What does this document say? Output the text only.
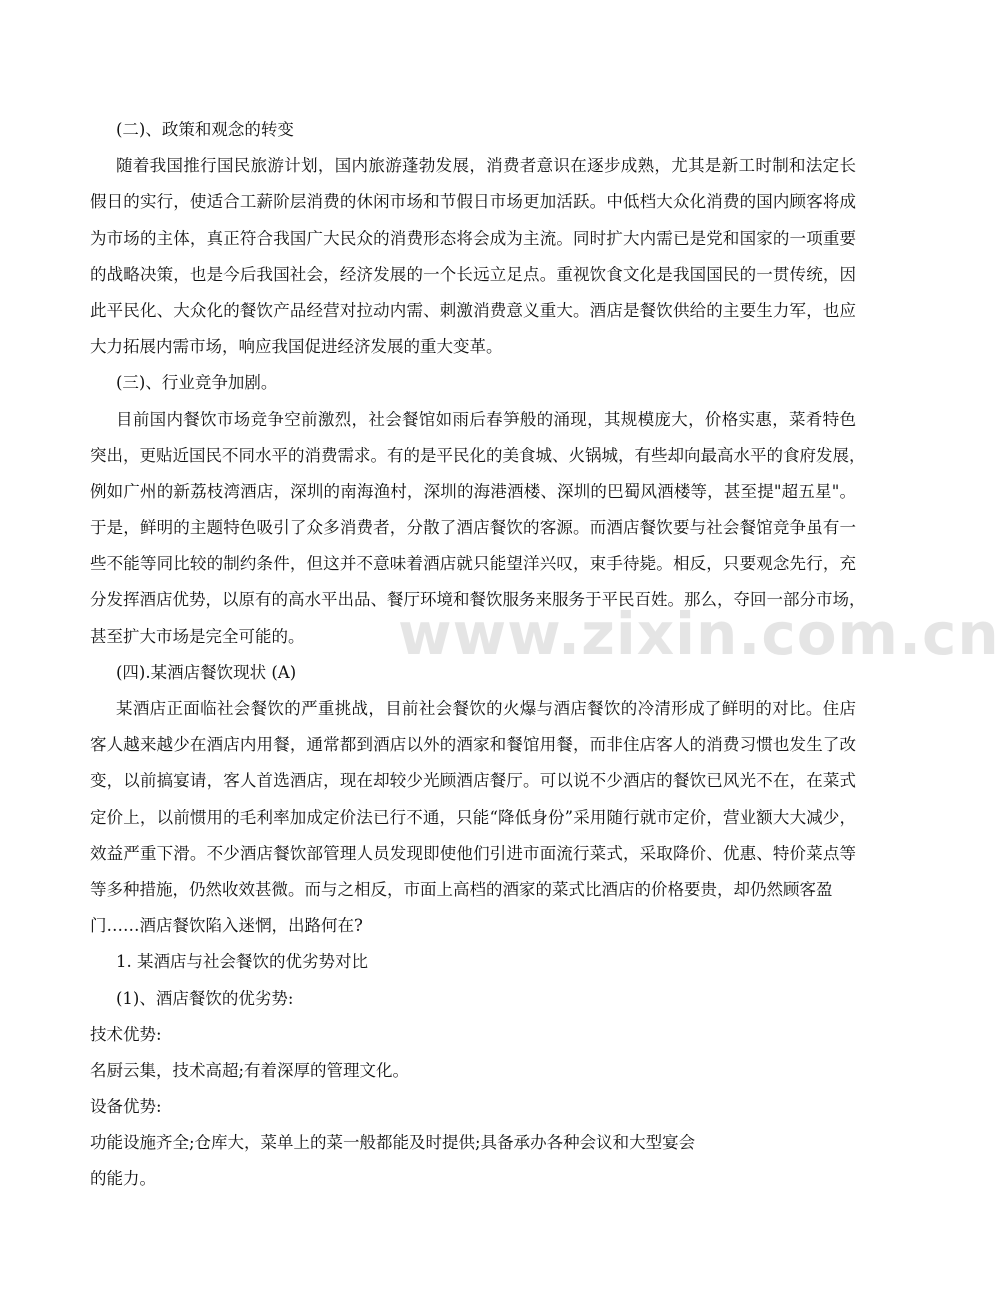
(二)、政策和观念的转变
随着我国推行国民旅游计划，国内旅游蓬勃发展，消费者意识在逐步成熟，尤其是新工时制和法定长
假日的实行，使适合工薪阶层消费的休闲市场和节假日市场更加活跃。中低档大众化消费的国内顾客将成
为市场的主体，真正符合我国广大民众的消费形态将会成为主流。同时扩大内需已是党和国家的一项重要
的战略决策，也是今后我国社会，经济发展的一个长远立足点。重视饮食文化是我国国民的一贯传统，因
此平民化、大众化的餐饮产品经营对拉动内需、刺激消费意义重大。酒店是餐饮供给的主要生力军，也应
大力拓展内需市场，响应我国促进经济发展的重大变革。
(三)、行业竞争加剧。
目前国内餐饮市场竞争空前激烈，社会餐馆如雨后春笋般的涌现，其规模庞大，价格实惠，菜肴特色
突出，更贴近国民不同水平的消费需求。有的是平民化的美食城、火锅城，有些却向最高水平的食府发展，
例如广州的新荔枝湾酒店，深圳的南海渔村，深圳的海港酒楼、深圳的巴蜀风酒楼等，甚至提"超五星"。
于是，鲜明的主题特色吸引了众多消费者，分散了酒店餐饮的客源。而酒店餐饮要与社会餐馆竞争虽有一
些不能等同比较的制约条件，但这并不意味着酒店就只能望洋兴叹，束手待毙。相反，只要观念先行，充
分发挥酒店优势，以原有的高水平出品、餐厅环境和餐饮服务来服务于平民百姓。那么，夺回一部分市场，
甚至扩大市场是完全可能的。
(四).某酒店餐饮现状 (A)
某酒店正面临社会餐饮的严重挑战，目前社会餐饮的火爆与酒店餐饮的冷清形成了鲜明的对比。住店
客人越来越少在酒店内用餐，通常都到酒店以外的酒家和餐馆用餐，而非住店客人的消费习惯也发生了改
变，以前搞宴请，客人首选酒店，现在却较少光顾酒店餐厅。可以说不少酒店的餐饮已风光不在，在菜式
定价上，以前惯用的毛利率加成定价法已行不通，只能“降低身份”采用随行就市定价，营业额大大减少，
效益严重下滑。不少酒店餐饮部管理人员发现即使他们引进市面流行菜式，采取降价、优惠、特价菜点等
等多种措施，仍然收效甚微。而与之相反，市面上高档的酒家的菜式比酒店的价格要贵，却仍然顾客盈
门……酒店餐饮陷入迷惘，出路何在?
1. 某酒店与社会餐饮的优劣势对比
(1)、酒店餐饮的优劣势:
技术优势:
名厨云集，技术高超;有着深厚的管理文化。
设备优势:
功能设施齐全;仓库大，菜单上的菜一般都能及时提供;具备承办各种会议和大型宴会
的能力。
www.zixin.com.cn
